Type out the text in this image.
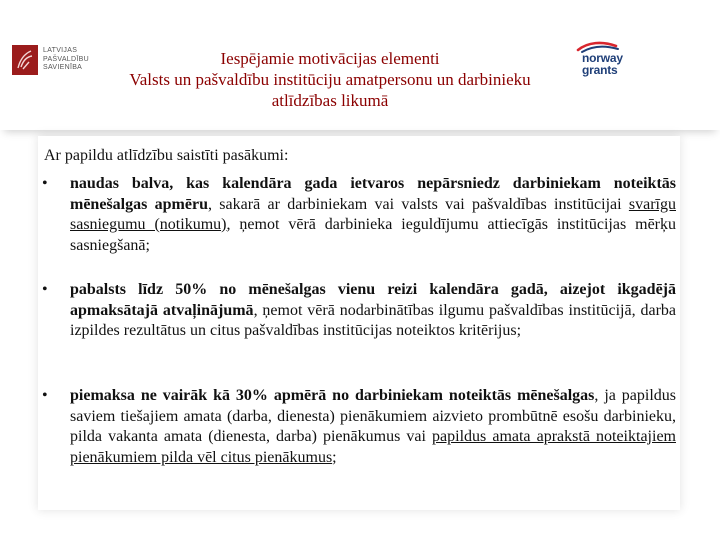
LATVIJAS
PAŠVALDĪBU
SAVIENĪBA	Iespējamie motivācijas elementi
Valsts un pašvaldību institūciju amatpersonu un darbinieku
atlīdzības likumā
norway
grants
Ar papildu atlīdzību saistīti pasākumi:
•	naudas balva, kas kalendāra gada ietvaros nepārsniedz darbiniekam noteiktās mēnešalgas apmēru, sakarā ar darbiniekam vai valsts vai pašvaldības institūcijai svarīgu sasniegumu (notikumu), ņemot vērā darbinieka ieguldījumu attiecīgās institūcijas mērķu sasniegšanā;
•	pabalsts līdz 50% no mēnešalgas vienu reizi kalendāra gadā, aizejot ikgadējā apmaksātajā atvaļinājumā, ņemot vērā nodarbinātības ilgumu pašvaldības institūcijā, darba izpildes rezultātus un citus pašvaldības institūcijas noteiktos kritērijus;
•	piemaksa ne vairāk kā 30% apmērā no darbiniekam noteiktās mēnešalgas, ja papildus saviem tiešajiem amata (darba, dienesta) pienākumiem aizvieto prombūtnē esošu darbinieku, pilda vakanta amata (dienesta, darba) pienākumus vai papildus amata aprakstā noteiktajiem pienākumiem pilda vēl citus pienākumus;
